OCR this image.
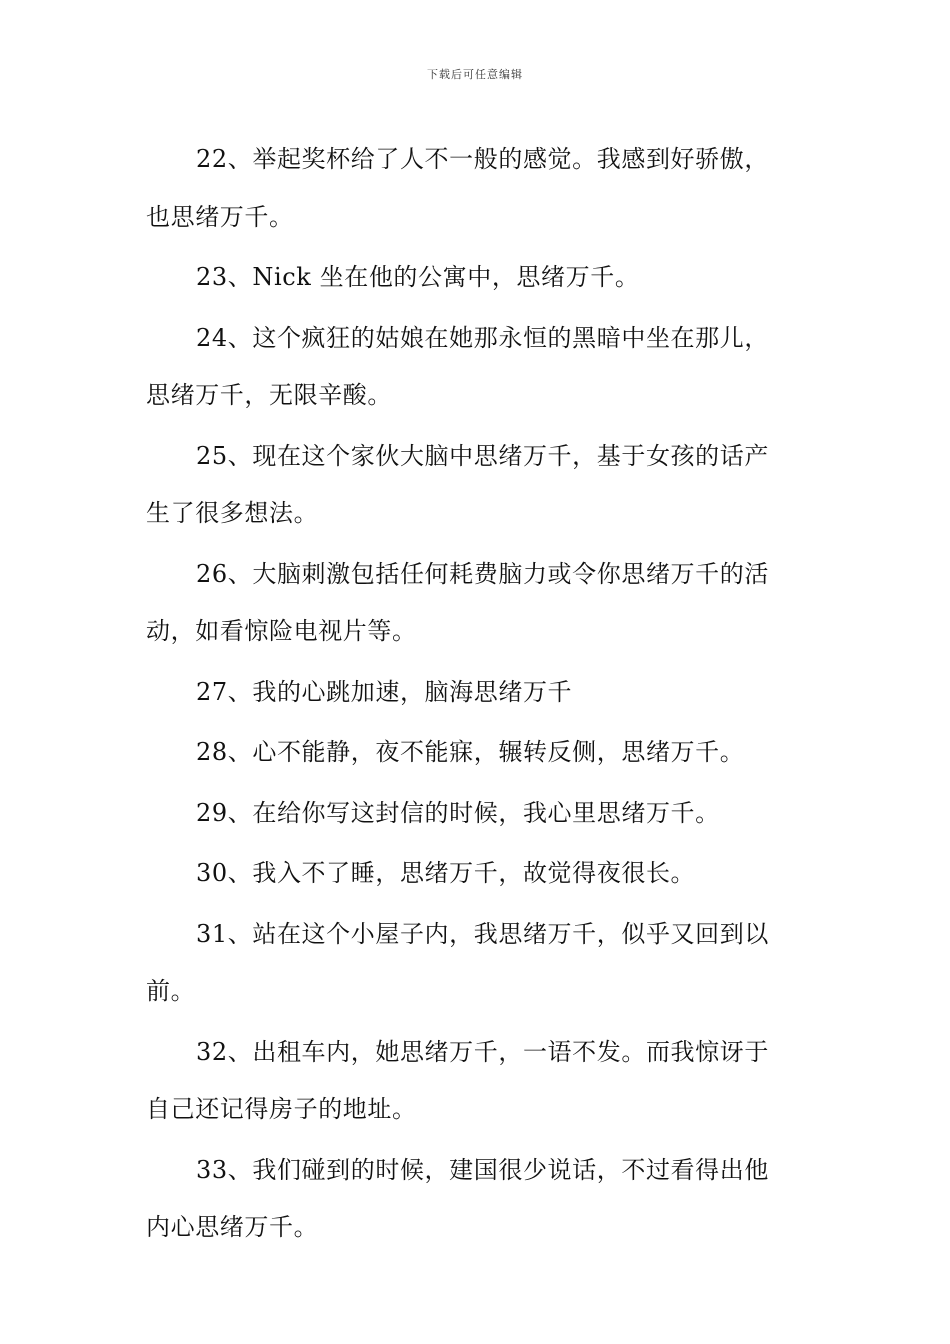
下载后可任意编辑

22、举起奖杯给了人不一般的感觉。我感到好骄傲，
也思绪万千。

23、Nick 坐在他的公寓中，思绪万千。

24、这个疯狂的姑娘在她那永恒的黑暗中坐在那儿，
思绪万千，无限辛酸。

25、现在这个家伙大脑中思绪万千，基于女孩的话产
生了很多想法。

26、大脑刺激包括任何耗费脑力或令你思绪万千的活
动，如看惊险电视片等。

27、我的心跳加速，脑海思绪万千

28、心不能静，夜不能寐，辗转反侧，思绪万千。

29、在给你写这封信的时候，我心里思绪万千。

30、我入不了睡，思绪万千，故觉得夜很长。

31、站在这个小屋子内，我思绪万千，似乎又回到以
前。

32、出租车内，她思绪万千，一语不发。而我惊讶于
自己还记得房子的地址。

33、我们碰到的时候，建国很少说话，不过看得出他
内心思绪万千。
